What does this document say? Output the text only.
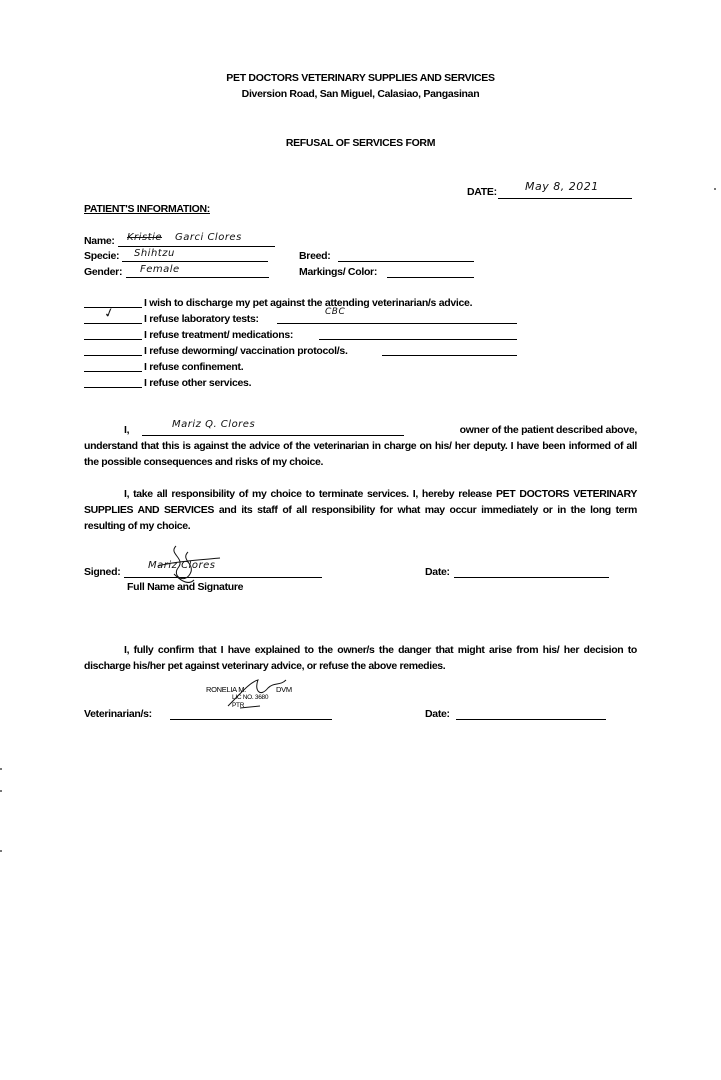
PET DOCTORS VETERINARY SUPPLIES AND SERVICES
Diversion Road, San Miguel, Calasiao, Pangasinan
REFUSAL OF SERVICES FORM
DATE:	May 8, 2021
PATIENT'S INFORMATION:
Name: Kristie Garci Clores
Specie: Shihtzu
Gender: Female
Breed:
Markings/ Color:
I wish to discharge my pet against the attending veterinarian/s advice.
✓	I refuse laboratory tests:
CBC
I refuse treatment/ medications:
I refuse deworming/ vaccination protocol/s.
I refuse confinement.
I refuse other services.
I,	Mariz Q. Clores	owner of the patient described above,
understand that this is against the advice of the veterinarian in charge on his/ her deputy. I have been informed of all the possible consequences and risks of my choice.
I, take all responsibility of my choice to terminate services. I, hereby release PET DOCTORS VETERINARY SUPPLIES AND SERVICES and its staff of all responsibility for what may occur immediately or in the long term resulting of my choice.
Signed:
Mariz Clores
Full Name and Signature
Date:
I, fully confirm that I have explained to the owner/s the danger that might arise from his/ her decision to discharge his/her pet against veterinary advice, or refuse the above remedies.
RONELIA M.	DVM
LIC NO. 3680
PTR
Veterinarian/s:	Date:
